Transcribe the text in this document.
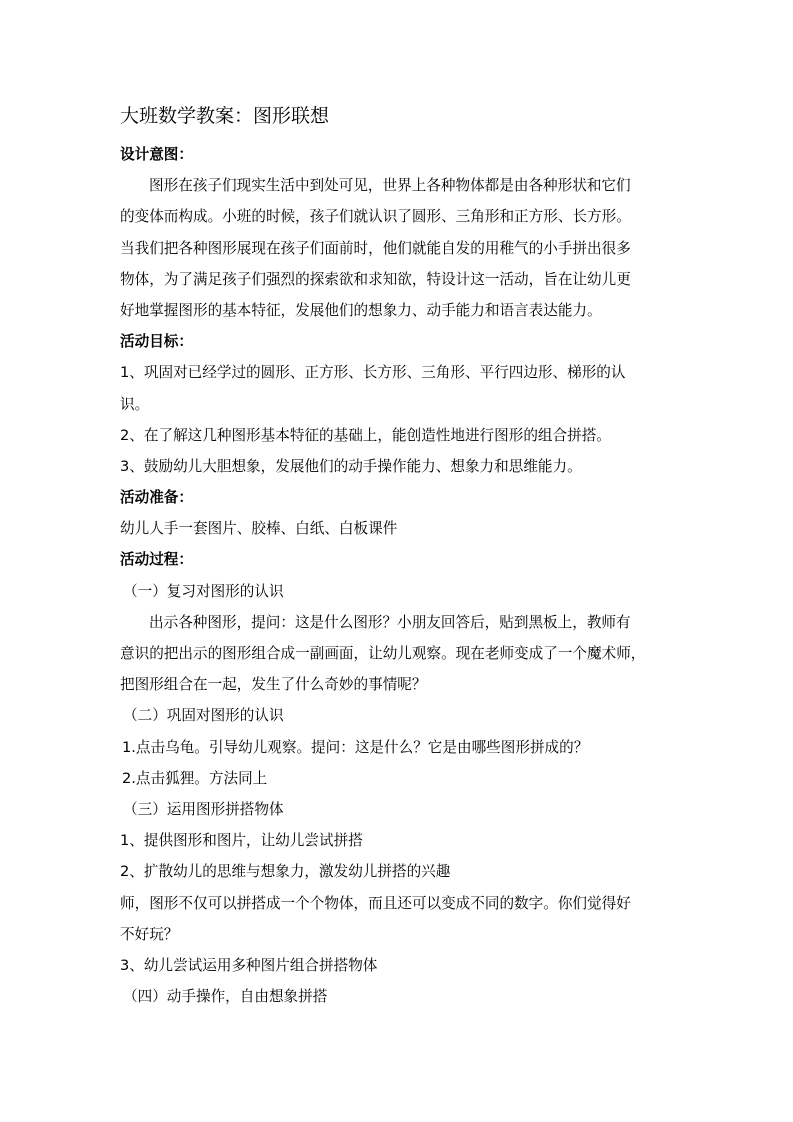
大班数学教案：图形联想
设计意图：
图形在孩子们现实生活中到处可见，世界上各种物体都是由各种形状和它们
的变体而构成。小班的时候，孩子们就认识了圆形、三角形和正方形、长方形。
当我们把各种图形展现在孩子们面前时，他们就能自发的用稚气的小手拼出很多
物体，为了满足孩子们强烈的探索欲和求知欲，特设计这一活动，旨在让幼儿更
好地掌握图形的基本特征，发展他们的想象力、动手能力和语言表达能力。
活动目标：
1、巩固对已经学过的圆形、正方形、长方形、三角形、平行四边形、梯形的认
识。
2、在了解这几种图形基本特征的基础上，能创造性地进行图形的组合拼搭。
3、鼓励幼儿大胆想象，发展他们的动手操作能力、想象力和思维能力。
活动准备：
幼儿人手一套图片、胶棒、白纸、白板课件
活动过程：
（一）复习对图形的认识
出示各种图形，提问：这是什么图形？小朋友回答后，贴到黑板上，教师有
意识的把出示的图形组合成一副画面，让幼儿观察。现在老师变成了一个魔术师，
把图形组合在一起，发生了什么奇妙的事情呢？
（二）巩固对图形的认识
1.点击乌龟。引导幼儿观察。提问：这是什么？它是由哪些图形拼成的？
2.点击狐狸。方法同上
（三）运用图形拼搭物体
1、提供图形和图片，让幼儿尝试拼搭
2、扩散幼儿的思维与想象力，激发幼儿拼搭的兴趣
师，图形不仅可以拼搭成一个个物体，而且还可以变成不同的数字。你们觉得好
不好玩？
3、幼儿尝试运用多种图片组合拼搭物体
（四）动手操作，自由想象拼搭
